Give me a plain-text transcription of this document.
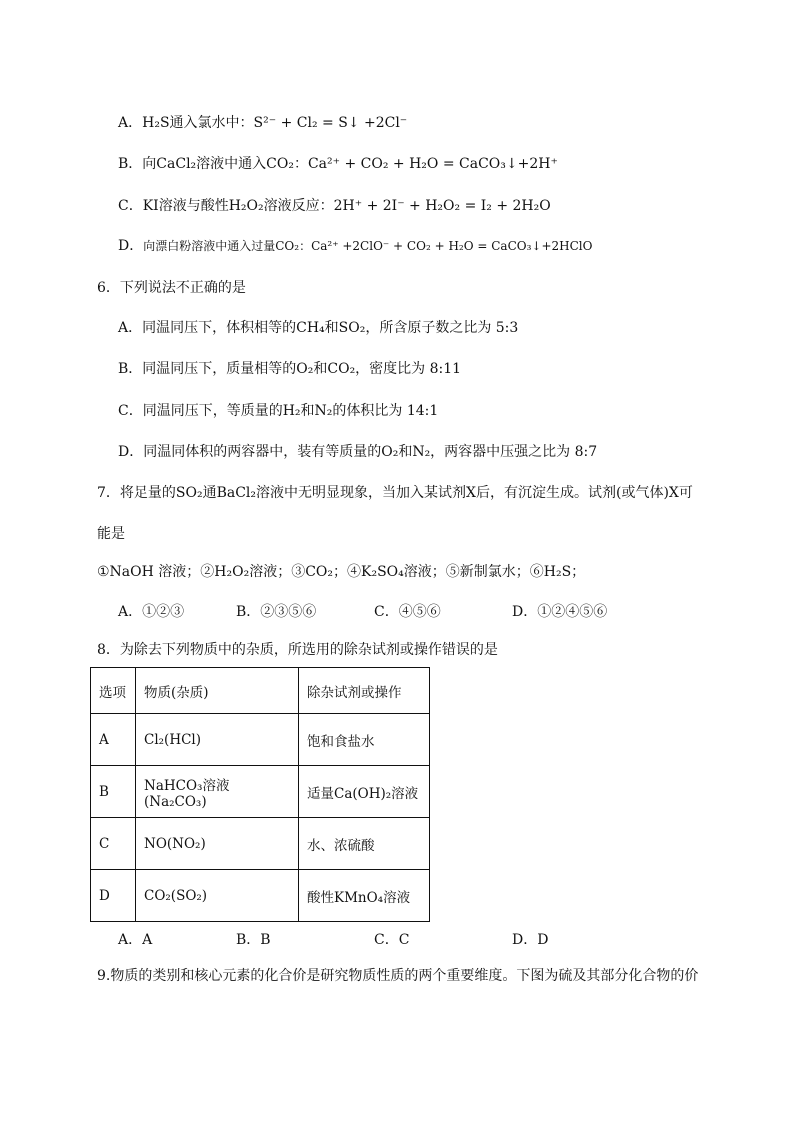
A．H₂S通入氯水中：S²⁻ + Cl₂ = S↓ +2Cl⁻
B．向CaCl₂溶液中通入CO₂：Ca²⁺ + CO₂ + H₂O = CaCO₃↓+2H⁺
C．KI溶液与酸性H₂O₂溶液反应：2H⁺ + 2I⁻ + H₂O₂ = I₂ + 2H₂O
D．向漂白粉溶液中通入过量CO₂：Ca²⁺ +2ClO⁻ + CO₂ + H₂O = CaCO₃↓+2HClO
6．下列说法不正确的是
A．同温同压下，体积相等的CH₄和SO₂，所含原子数之比为 5:3
B．同温同压下，质量相等的O₂和CO₂，密度比为 8:11
C．同温同压下，等质量的H₂和N₂的体积比为 14:1
D．同温同体积的两容器中，装有等质量的O₂和N₂，两容器中压强之比为 8:7
7．将足量的SO₂通BaCl₂溶液中无明显现象，当加入某试剂X后，有沉淀生成。试剂(或气体)X可
能是
①NaOH 溶液；②H₂O₂溶液；③CO₂；④K₂SO₄溶液；⑤新制氯水；⑥H₂S；
A．①②③	B．②③⑤⑥	C．④⑤⑥	D．①②④⑤⑥
8．为除去下列物质中的杂质，所选用的除杂试剂或操作错误的是
选项	物质(杂质)	除杂试剂或操作
A	Cl₂(HCl)	饱和食盐水
B	NaHCO₃溶液(Na₂CO₃)	适量Ca(OH)₂溶液
C	NO(NO₂)	水、浓硫酸
D	CO₂(SO₂)	酸性KMnO₄溶液
A．A	B．B	C．C	D．D
9.物质的类别和核心元素的化合价是研究物质性质的两个重要维度。下图为硫及其部分化合物的价
